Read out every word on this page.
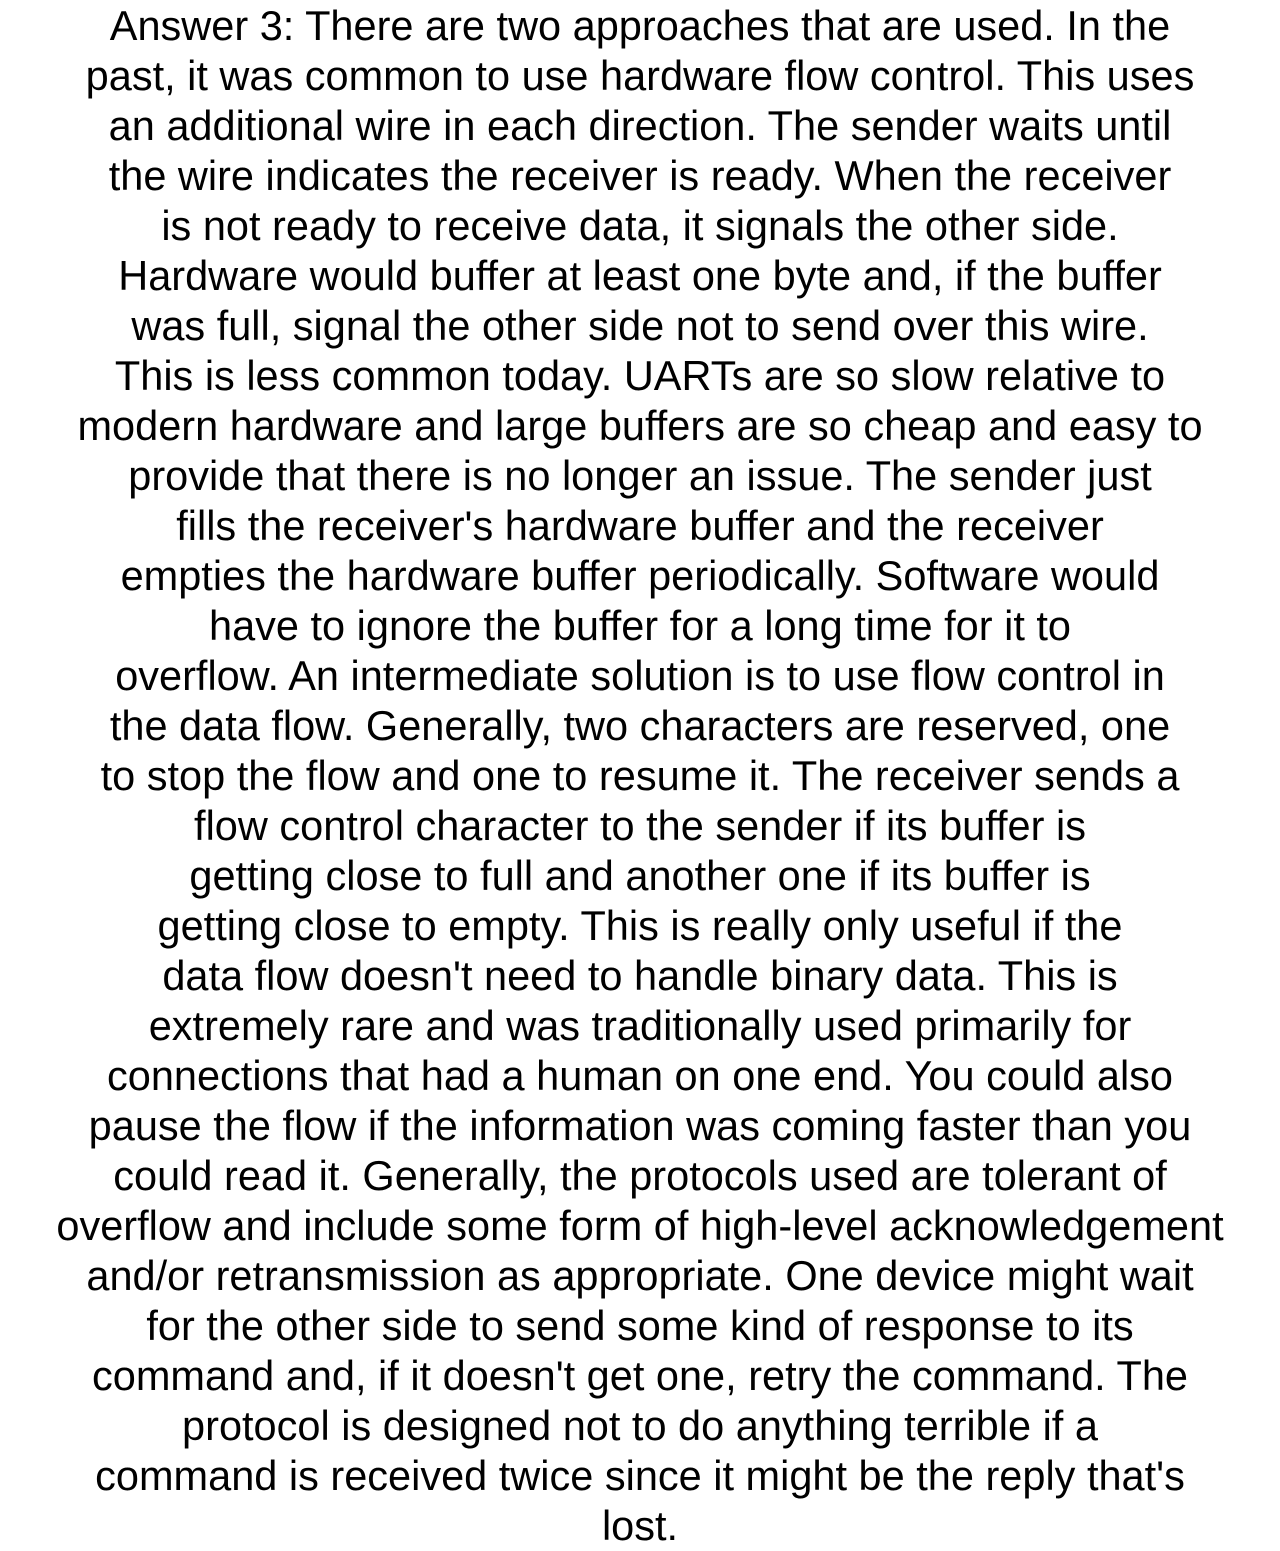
Answer 3: There are two approaches that are used. In the
past, it was common to use hardware flow control. This uses
an additional wire in each direction. The sender waits until
the wire indicates the receiver is ready. When the receiver
is not ready to receive data, it signals the other side.
Hardware would buffer at least one byte and, if the buffer
was full, signal the other side not to send over this wire.
This is less common today. UARTs are so slow relative to
modern hardware and large buffers are so cheap and easy to
provide that there is no longer an issue. The sender just
fills the receiver's hardware buffer and the receiver
empties the hardware buffer periodically. Software would
have to ignore the buffer for a long time for it to
overflow. An intermediate solution is to use flow control in
the data flow. Generally, two characters are reserved, one
to stop the flow and one to resume it. The receiver sends a
flow control character to the sender if its buffer is
getting close to full and another one if its buffer is
getting close to empty. This is really only useful if the
data flow doesn't need to handle binary data. This is
extremely rare and was traditionally used primarily for
connections that had a human on one end. You could also
pause the flow if the information was coming faster than you
could read it. Generally, the protocols used are tolerant of
overflow and include some form of high-level acknowledgement
and/or retransmission as appropriate. One device might wait
for the other side to send some kind of response to its
command and, if it doesn't get one, retry the command. The
protocol is designed not to do anything terrible if a
command is received twice since it might be the reply that's
lost.
